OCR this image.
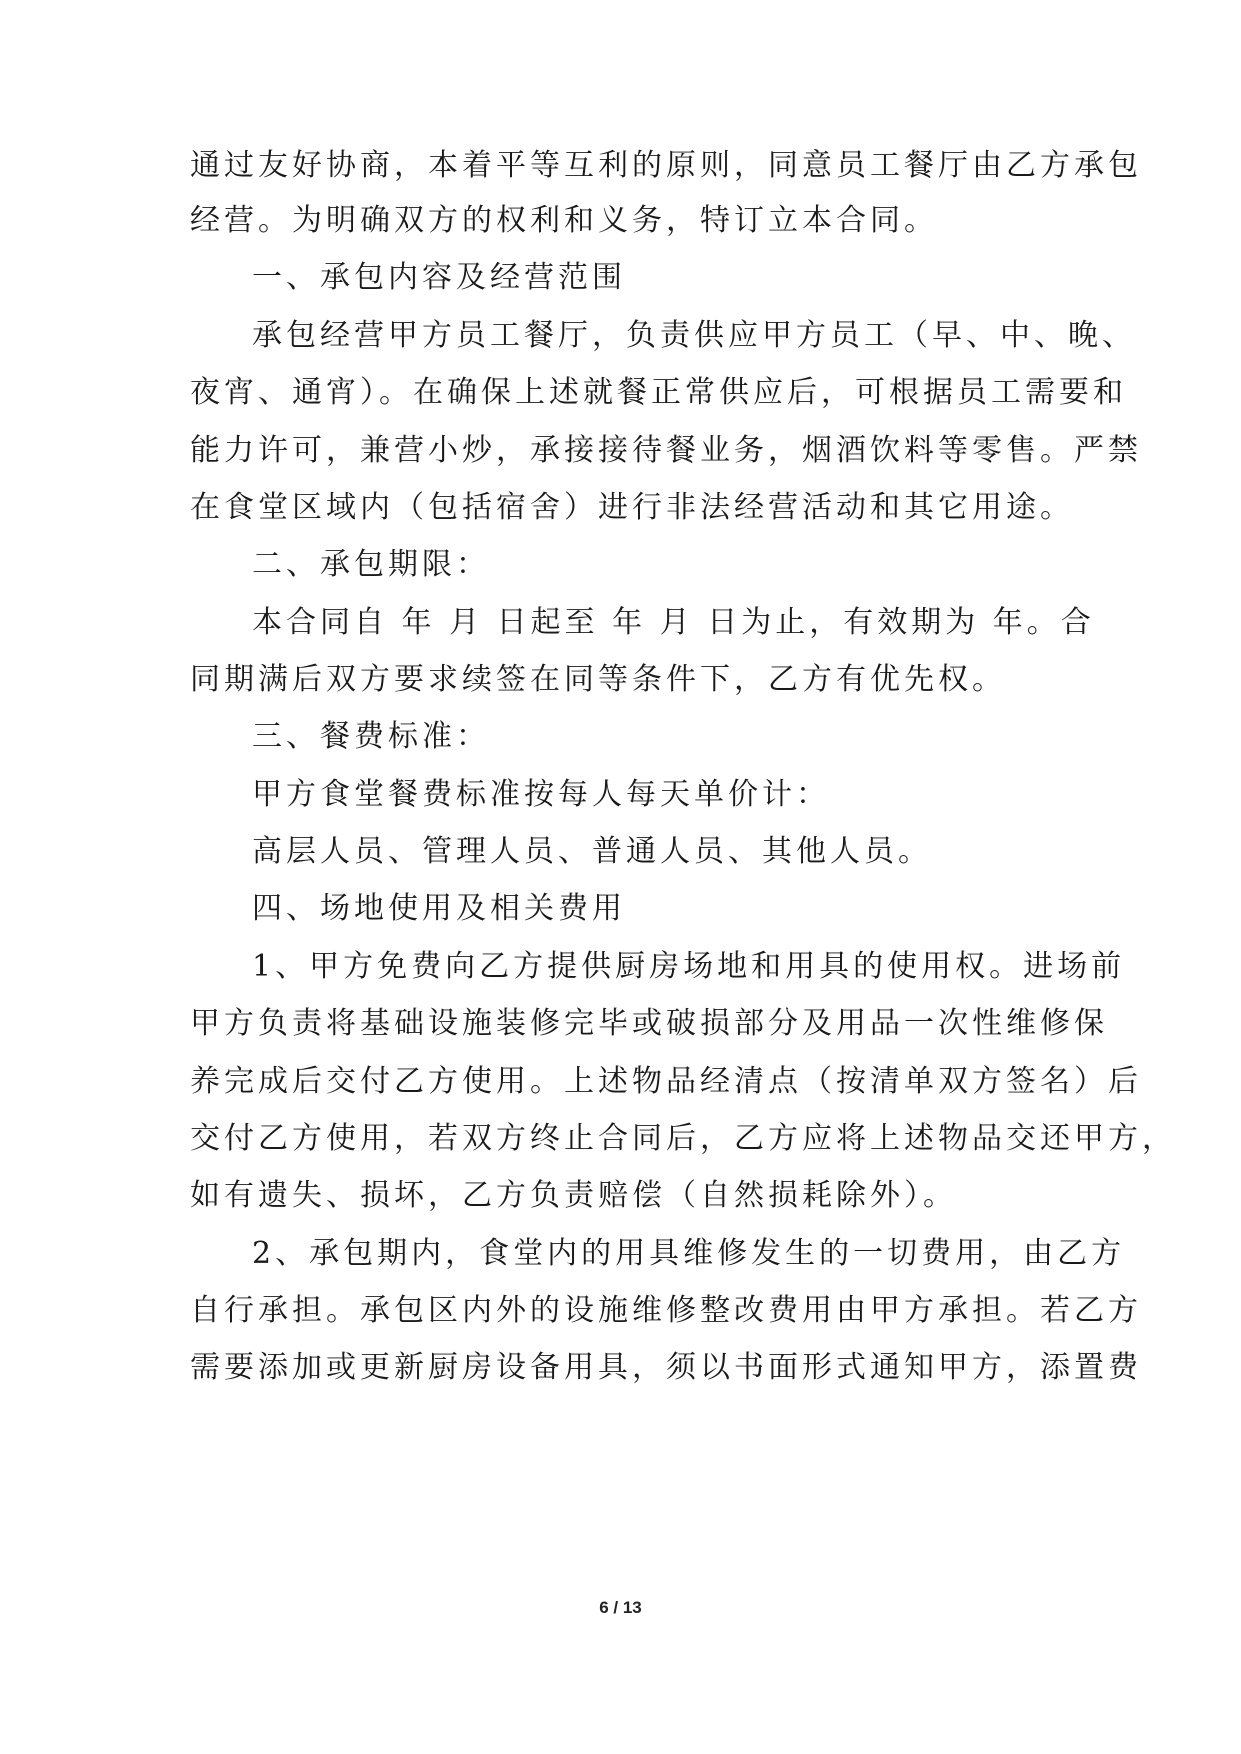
通过友好协商，本着平等互利的原则，同意员工餐厅由乙方承包
经营。为明确双方的权利和义务，特订立本合同。
一、承包内容及经营范围
承包经营甲方员工餐厅，负责供应甲方员工（早、中、晚、
夜宵、通宵）。在确保上述就餐正常供应后，可根据员工需要和
能力许可，兼营小炒，承接接待餐业务，烟酒饮料等零售。严禁
在食堂区域内（包括宿舍）进行非法经营活动和其它用途。
二、承包期限：
本合同自 年 月 日起至 年 月 日为止，有效期为 年。合
同期满后双方要求续签在同等条件下，乙方有优先权。
三、餐费标准：
甲方食堂餐费标准按每人每天单价计：
高层人员、管理人员、普通人员、其他人员。
四、场地使用及相关费用
1、甲方免费向乙方提供厨房场地和用具的使用权。进场前
甲方负责将基础设施装修完毕或破损部分及用品一次性维修保
养完成后交付乙方使用。上述物品经清点（按清单双方签名）后
交付乙方使用，若双方终止合同后，乙方应将上述物品交还甲方，
如有遗失、损坏，乙方负责赔偿（自然损耗除外）。
2、承包期内，食堂内的用具维修发生的一切费用，由乙方
自行承担。承包区内外的设施维修整改费用由甲方承担。若乙方
需要添加或更新厨房设备用具，须以书面形式通知甲方，添置费
6 / 13
